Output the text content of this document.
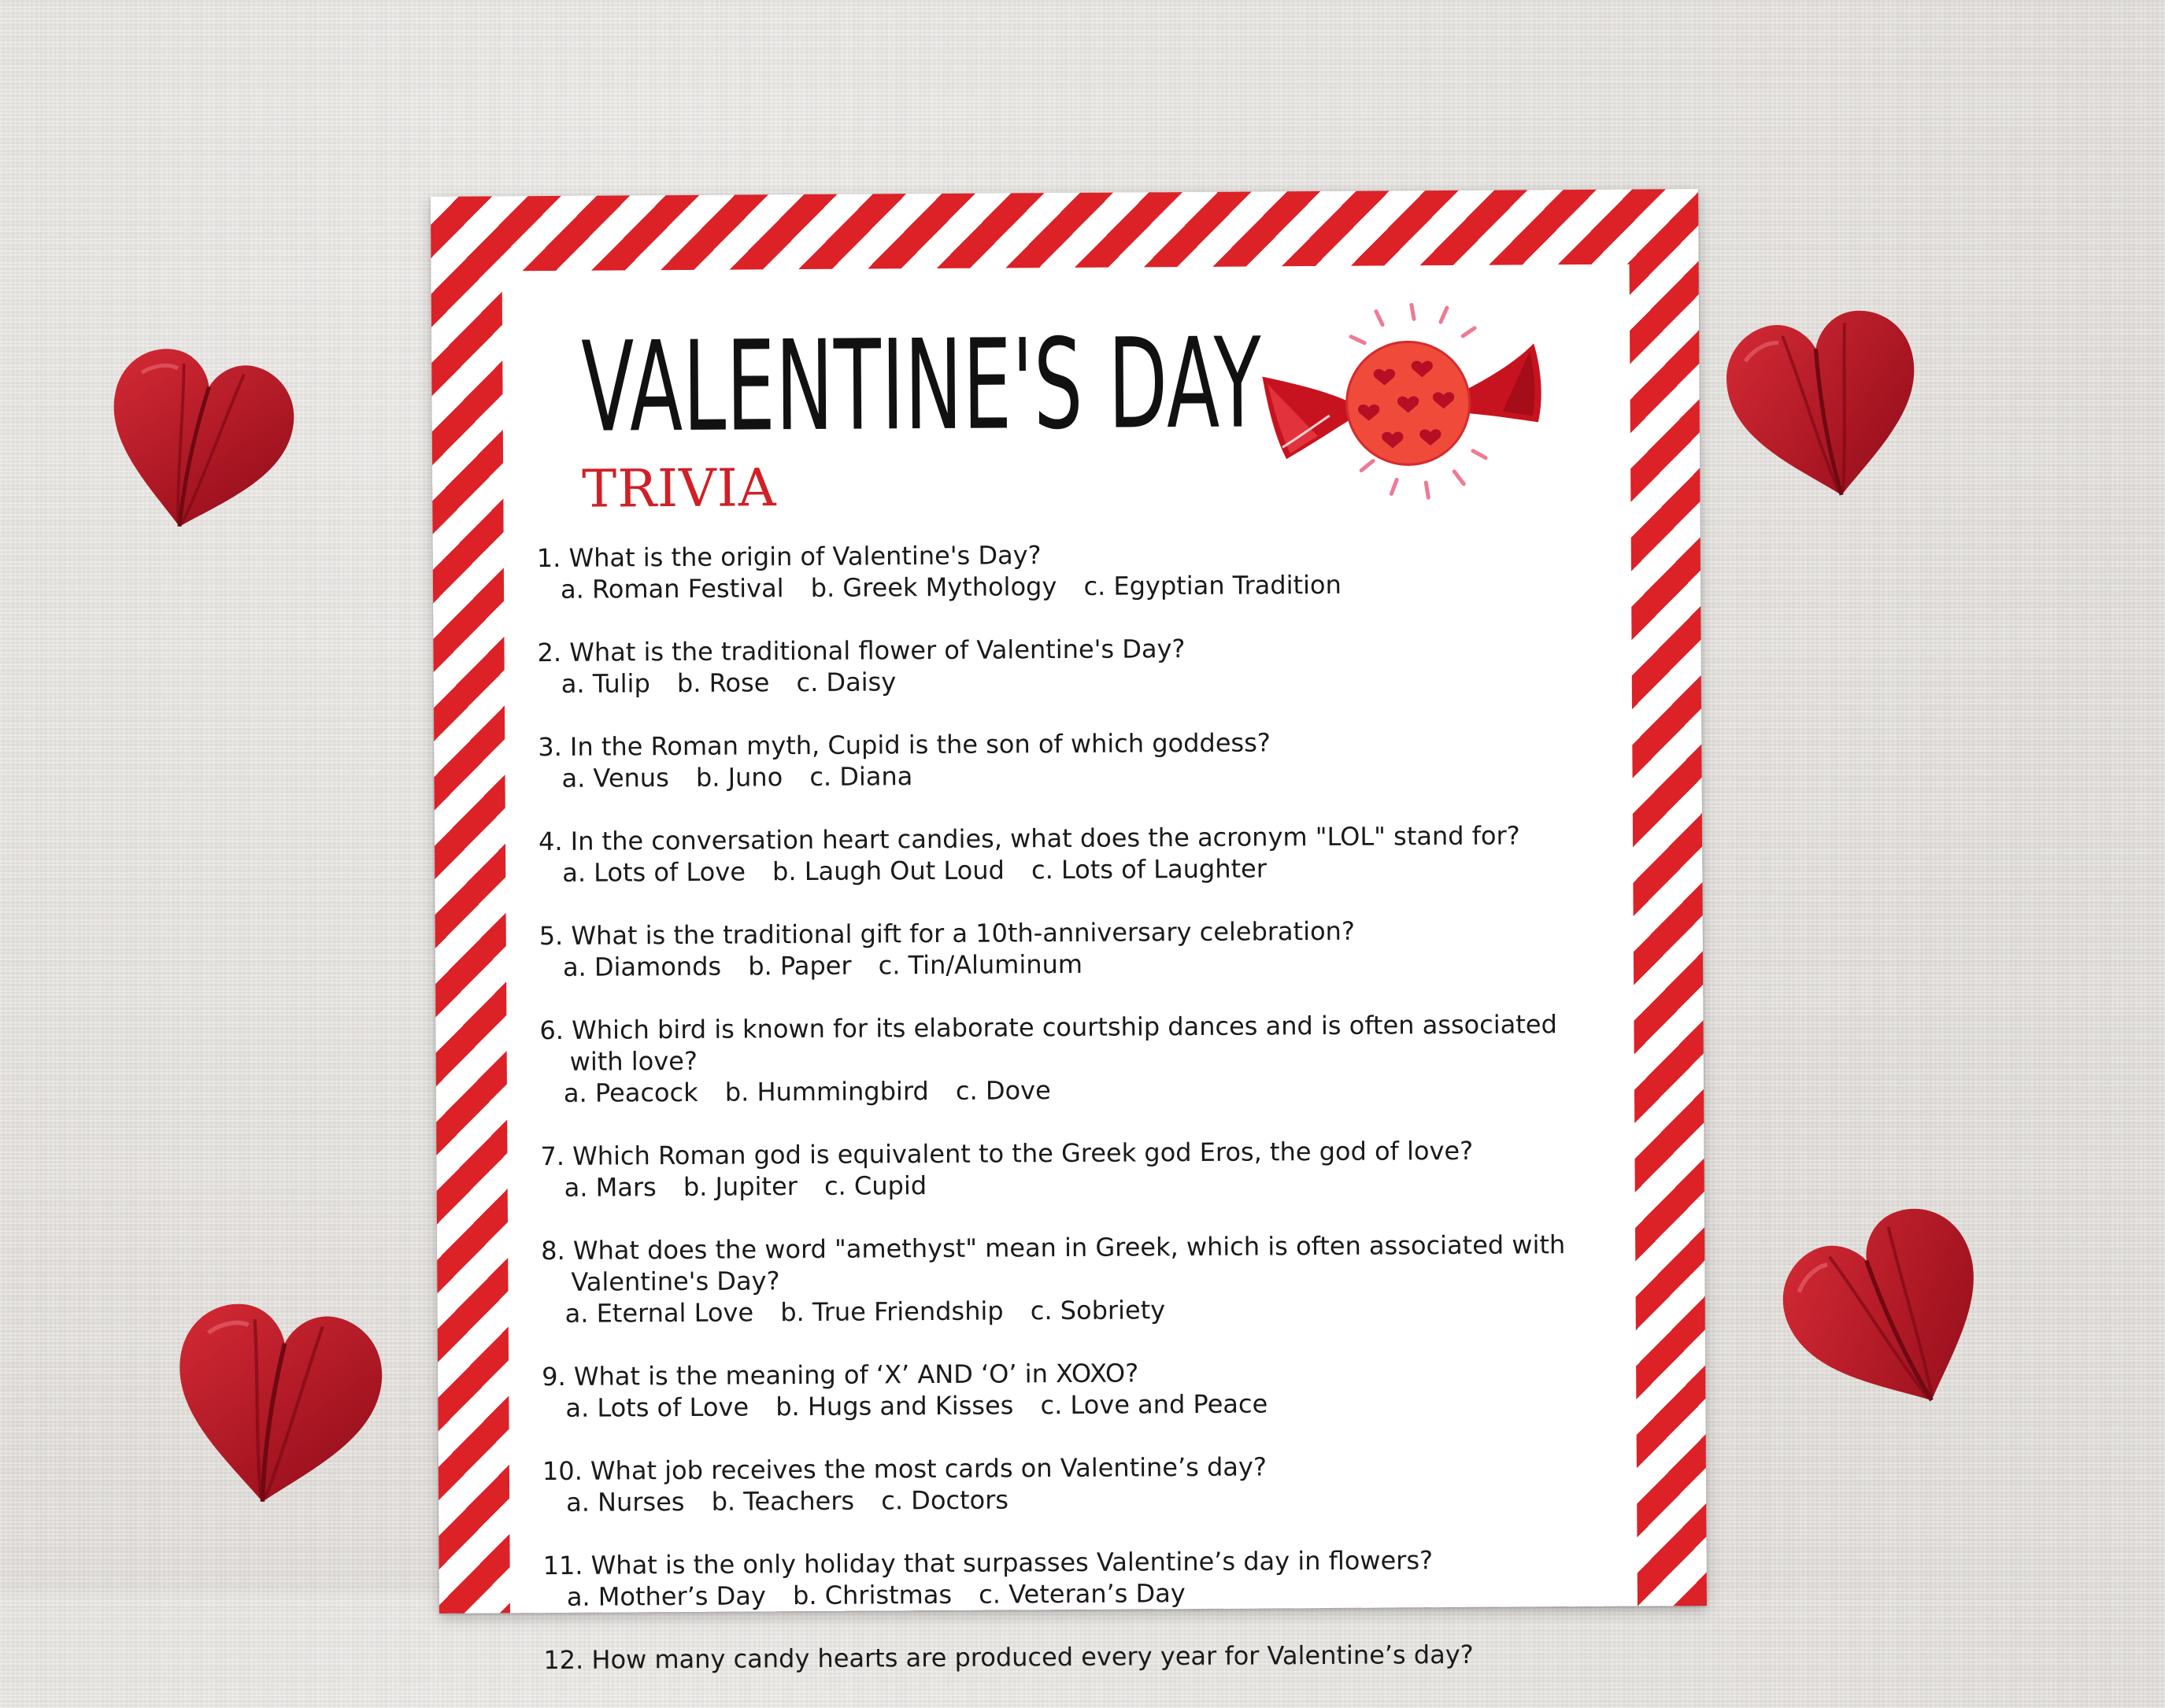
VALENTINE'S DAY
TRIVIA
1. What is the origin of Valentine's Day?
a. Roman Festival b. Greek Mythology c. Egyptian Tradition
2. What is the traditional flower of Valentine's Day?
a. Tulip b. Rose c. Daisy
3. In the Roman myth, Cupid is the son of which goddess?
a. Venus b. Juno c. Diana
4. In the conversation heart candies, what does the acronym "LOL" stand for?
a. Lots of Love b. Laugh Out Loud c. Lots of Laughter
5. What is the traditional gift for a 10th-anniversary celebration?
a. Diamonds b. Paper c. Tin/Aluminum
6. Which bird is known for its elaborate courtship dances and is often associated with love?
a. Peacock b. Hummingbird c. Dove
7. Which Roman god is equivalent to the Greek god Eros, the god of love?
a. Mars b. Jupiter c. Cupid
8. What does the word "amethyst" mean in Greek, which is often associated with Valentine's Day?
a. Eternal Love b. True Friendship c. Sobriety
9. What is the meaning of ‘X’ AND ‘O’ in XOXO?
a. Lots of Love b. Hugs and Kisses c. Love and Peace
10. What job receives the most cards on Valentine’s day?
a. Nurses b. Teachers c. Doctors
11. What is the only holiday that surpasses Valentine’s day in flowers?
a. Mother’s Day b. Christmas c. Veteran’s Day
12. How many candy hearts are produced every year for Valentine’s day?
